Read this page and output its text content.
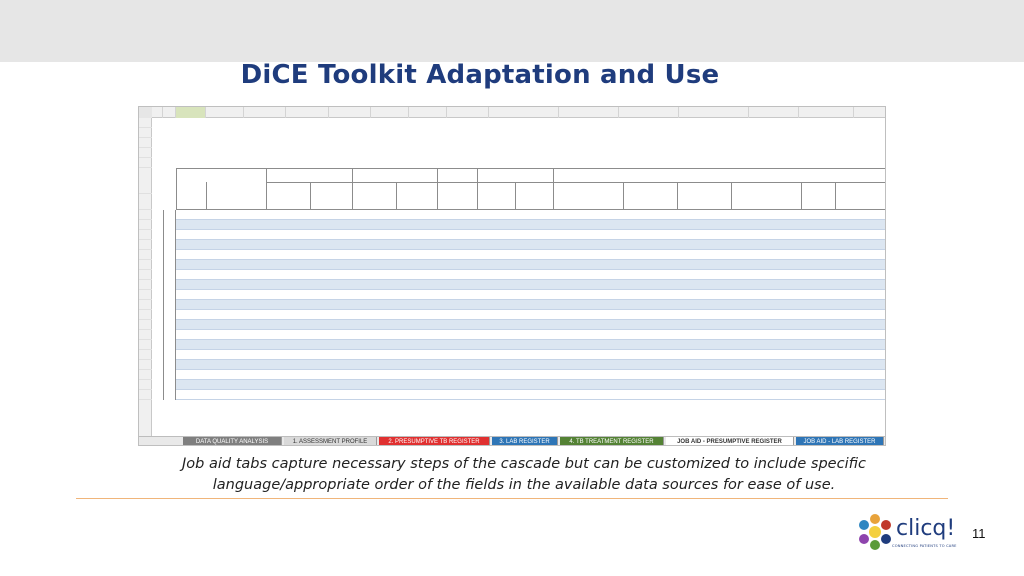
DiCE Toolkit Adaptation and Use
DATA QUALITY ANALYSIS	1. ASSESSMENT PROFILE	2. PRESUMPTIVE TB REGISTER	3. LAB REGISTER	4. TB TREATMENT REGISTER	JOB AID - PRESUMPTIVE REGISTER	JOB AID - LAB REGISTER
Job aid tabs capture necessary steps of the cascade but can be customized to include specific
language/appropriate order of the fields in the available data sources for ease of use.
clicq!
CONNECTING PATIENTS TO CARE
11
